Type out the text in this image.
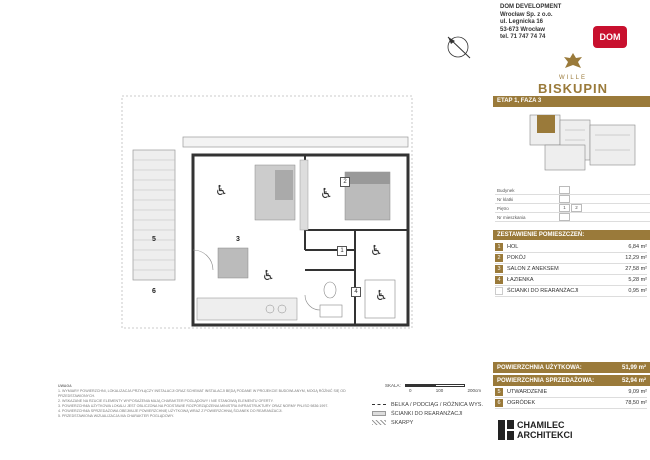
♿	♿
♿
♿
♿
1
2
3
4
5
6
DOM DEVELOPMENT
Wrocław Sp. z o.o.
ul. Legnicka 16
53-673 Wrocław
tel. 71 747 74 74	DOM
WILLE
BISKUPIN
ETAP 1, FAZA 3
Budynek
Nr klatki
Piętro	1	2
Nr mieszkania
ZESTAWIENIE POMIESZCZEŃ:
1	HOL	6,84 m²
2	POKÓJ	12,29 m²
3	SALON Z ANEKSEM	27,58 m²
4	ŁAZIENKA	5,28 m²
ŚCIANKI DO REARANŻACJI	0,95 m²
POWIERZCHNIA UŻYTKOWA:	51,99 m²
POWIERZCHNIA SPRZEDAŻOWA:	52,94 m²
5	UTWARDZENIE	9,09 m²
6	OGRÓDEK	78,50 m²
SKALA:
0	100	200cm
BELKA / PODCIĄG / RÓŻNICA WYS.
ŚCIANKI DO REARANŻACJI
SKARPY
UWAGA
1. WYMIARY POWIERZCHNI, LOKALIZACJA PRZYŁĄCZY INSTALACJI ORAZ SCHEMAT INSTALACJI BĘDĄ PODANE W PROJEKCIE BUDOWLANYM, MOGĄ RÓŻNIĆ SIĘ OD PRZEDSTAWIONYCH.
2. WSKAZANE NA RZUCIE ELEMENTY WYPOSAŻENIA MAJĄ CHARAKTER POGLĄDOWY I NIE STANOWIĄ ELEMENTU OFERTY.
3. POWIERZCHNIA UŻYTKOWA LOKALU JEST OBLICZONA NA PODSTAWIE ROZPORZĄDZENIA MINISTRA INFRASTRUKTURY ORAZ NORMY PN-ISO 9836:1997.
4. POWIERZCHNIA SPRZEDAŻOWA OBEJMUJE POWIERZCHNIĘ UŻYTKOWĄ WRAZ Z POWIERZCHNIĄ ŚCIANEK DO REARANŻACJI.
5. PRZEDSTAWIONA WIZUALIZACJA MA CHARAKTER POGLĄDOWY.
CHAMILEC
ARCHITEKCI
